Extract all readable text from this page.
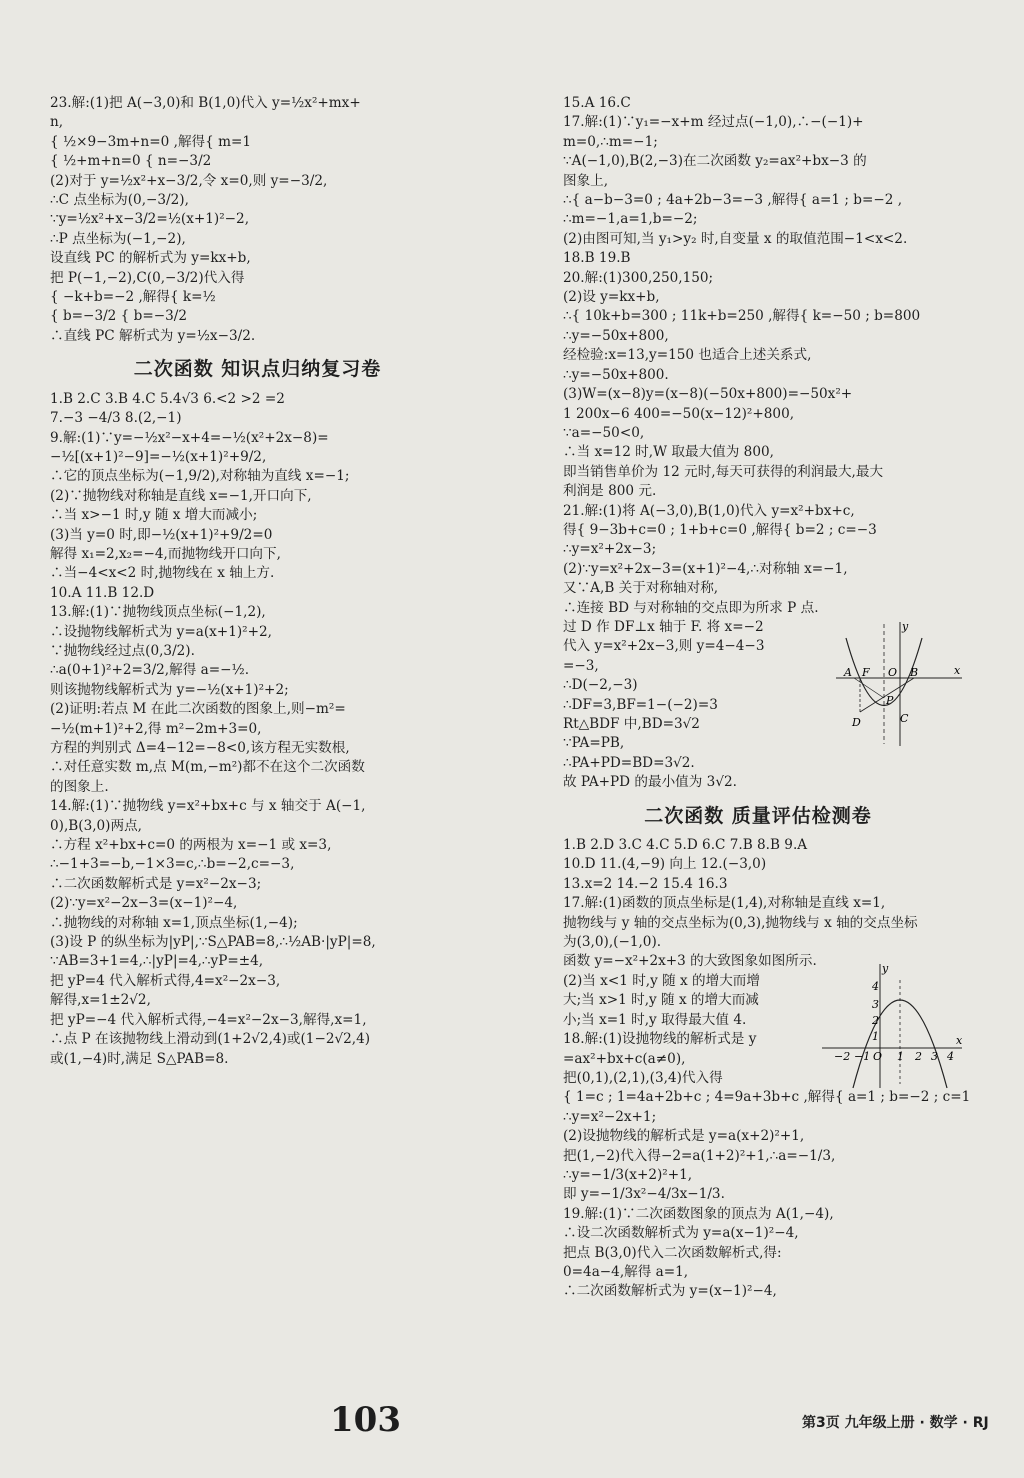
23.解:(1)把 A(−3,0)和 B(1,0)代入 y=½x²+mx+
n,
{ ½×9−3m+n=0 ,解得{ m=1
{ ½+m+n=0 { n=−3/2
(2)对于 y=½x²+x−3/2,令 x=0,则 y=−3/2,
∴C 点坐标为(0,−3/2),
∵y=½x²+x−3/2=½(x+1)²−2,
∴P 点坐标为(−1,−2),
设直线 PC 的解析式为 y=kx+b,
把 P(−1,−2),C(0,−3/2)代入得
{ −k+b=−2 ,解得{ k=½
{ b=−3/2 { b=−3/2
∴直线 PC 解析式为 y=½x−3/2.
二次函数 知识点归纳复习卷
1.B 2.C 3.B 4.C 5.4√3 6.<2 >2 =2
7.−3 −4/3 8.(2,−1)
9.解:(1)∵y=−½x²−x+4=−½(x²+2x−8)=
−½[(x+1)²−9]=−½(x+1)²+9/2,
∴它的顶点坐标为(−1,9/2),对称轴为直线 x=−1;
(2)∵抛物线对称轴是直线 x=−1,开口向下,
∴当 x>−1 时,y 随 x 增大而减小;
(3)当 y=0 时,即−½(x+1)²+9/2=0
解得 x₁=2,x₂=−4,而抛物线开口向下,
∴当−4<x<2 时,抛物线在 x 轴上方.
10.A 11.B 12.D
13.解:(1)∵抛物线顶点坐标(−1,2),
∴设抛物线解析式为 y=a(x+1)²+2,
∵抛物线经过点(0,3/2).
∴a(0+1)²+2=3/2,解得 a=−½.
则该抛物线解析式为 y=−½(x+1)²+2;
(2)证明:若点 M 在此二次函数的图象上,则−m²=
−½(m+1)²+2,得 m²−2m+3=0,
方程的判别式 Δ=4−12=−8<0,该方程无实数根,
∴对任意实数 m,点 M(m,−m²)都不在这个二次函数
的图象上.
14.解:(1)∵抛物线 y=x²+bx+c 与 x 轴交于 A(−1,
0),B(3,0)两点,
∴方程 x²+bx+c=0 的两根为 x=−1 或 x=3,
∴−1+3=−b,−1×3=c,∴b=−2,c=−3,
∴二次函数解析式是 y=x²−2x−3;
(2)∵y=x²−2x−3=(x−1)²−4,
∴抛物线的对称轴 x=1,顶点坐标(1,−4);
(3)设 P 的纵坐标为|yP|,∵S△PAB=8,∴½AB·|yP|=8,
∵AB=3+1=4,∴|yP|=4,∴yP=±4,
把 yP=4 代入解析式得,4=x²−2x−3,
解得,x=1±2√2,
把 yP=−4 代入解析式得,−4=x²−2x−3,解得,x=1,
∴点 P 在该抛物线上滑动到(1+2√2,4)或(1−2√2,4)
或(1,−4)时,满足 S△PAB=8.
15.A 16.C
17.解:(1)∵y₁=−x+m 经过点(−1,0),∴−(−1)+
m=0,∴m=−1;
∵A(−1,0),B(2,−3)在二次函数 y₂=ax²+bx−3 的
图象上,
∴{ a−b−3=0 ; 4a+2b−3=−3 ,解得{ a=1 ; b=−2 ,
∴m=−1,a=1,b=−2;
(2)由图可知,当 y₁>y₂ 时,自变量 x 的取值范围−1<x<2.
18.B 19.B
20.解:(1)300,250,150;
(2)设 y=kx+b,
∴{ 10k+b=300 ; 11k+b=250 ,解得{ k=−50 ; b=800
∴y=−50x+800,
经检验:x=13,y=150 也适合上述关系式,
∴y=−50x+800.
(3)W=(x−8)y=(x−8)(−50x+800)=−50x²+
1 200x−6 400=−50(x−12)²+800,
∵a=−50<0,
∴当 x=12 时,W 取最大值为 800,
即当销售单价为 12 元时,每天可获得的利润最大,最大
利润是 800 元.
21.解:(1)将 A(−3,0),B(1,0)代入 y=x²+bx+c,
得{ 9−3b+c=0 ; 1+b+c=0 ,解得{ b=2 ; c=−3
∴y=x²+2x−3;
(2)∵y=x²+2x−3=(x+1)²−4,∴对称轴 x=−1,
又∵A,B 关于对称轴对称,
∴连接 BD 与对称轴的交点即为所求 P 点.
过 D 作 DF⊥x 轴于 F. 将 x=−2
代入 y=x²+2x−3,则 y=4−4−3
=−3,
∴D(−2,−3)
∴DF=3,BF=1−(−2)=3
Rt△BDF 中,BD=3√2
∵PA=PB,
∴PA+PD=BD=3√2.
故 PA+PD 的最小值为 3√2.
二次函数 质量评估检测卷
1.B 2.D 3.C 4.C 5.D 6.C 7.B 8.B 9.A
10.D 11.(4,−9) 向上 12.(−3,0)
13.x=2 14.−2 15.4 16.3
17.解:(1)函数的顶点坐标是(1,4),对称轴是直线 x=1,
抛物线与 y 轴的交点坐标为(0,3),抛物线与 x 轴的交点坐标
为(3,0),(−1,0).
函数 y=−x²+2x+3 的大致图象如图所示.
(2)当 x<1 时,y 随 x 的增大而增
大;当 x>1 时,y 随 x 的增大而减
小;当 x=1 时,y 取得最大值 4.
18.解:(1)设抛物线的解析式是 y
=ax²+bx+c(a≠0),
把(0,1),(2,1),(3,4)代入得
{ 1=c ; 1=4a+2b+c ; 4=9a+3b+c ,解得{ a=1 ; b=−2 ; c=1
∴y=x²−2x+1;
(2)设抛物线的解析式是 y=a(x+2)²+1,
把(1,−2)代入得−2=a(1+2)²+1,∴a=−1/3,
∴y=−1/3(x+2)²+1,
即 y=−1/3x²−4/3x−1/3.
19.解:(1)∵二次函数图象的顶点为 A(1,−4),
∴设二次函数解析式为 y=a(x−1)²−4,
把点 B(3,0)代入二次函数解析式,得:
0=4a−4,解得 a=1,
∴二次函数解析式为 y=(x−1)²−4,
y
x
A F O B
P
D	C
y
x
4
3
2
1
−2 −1 O 1 2 3 4
103	第3页 九年级上册 · 数学 · RJ
